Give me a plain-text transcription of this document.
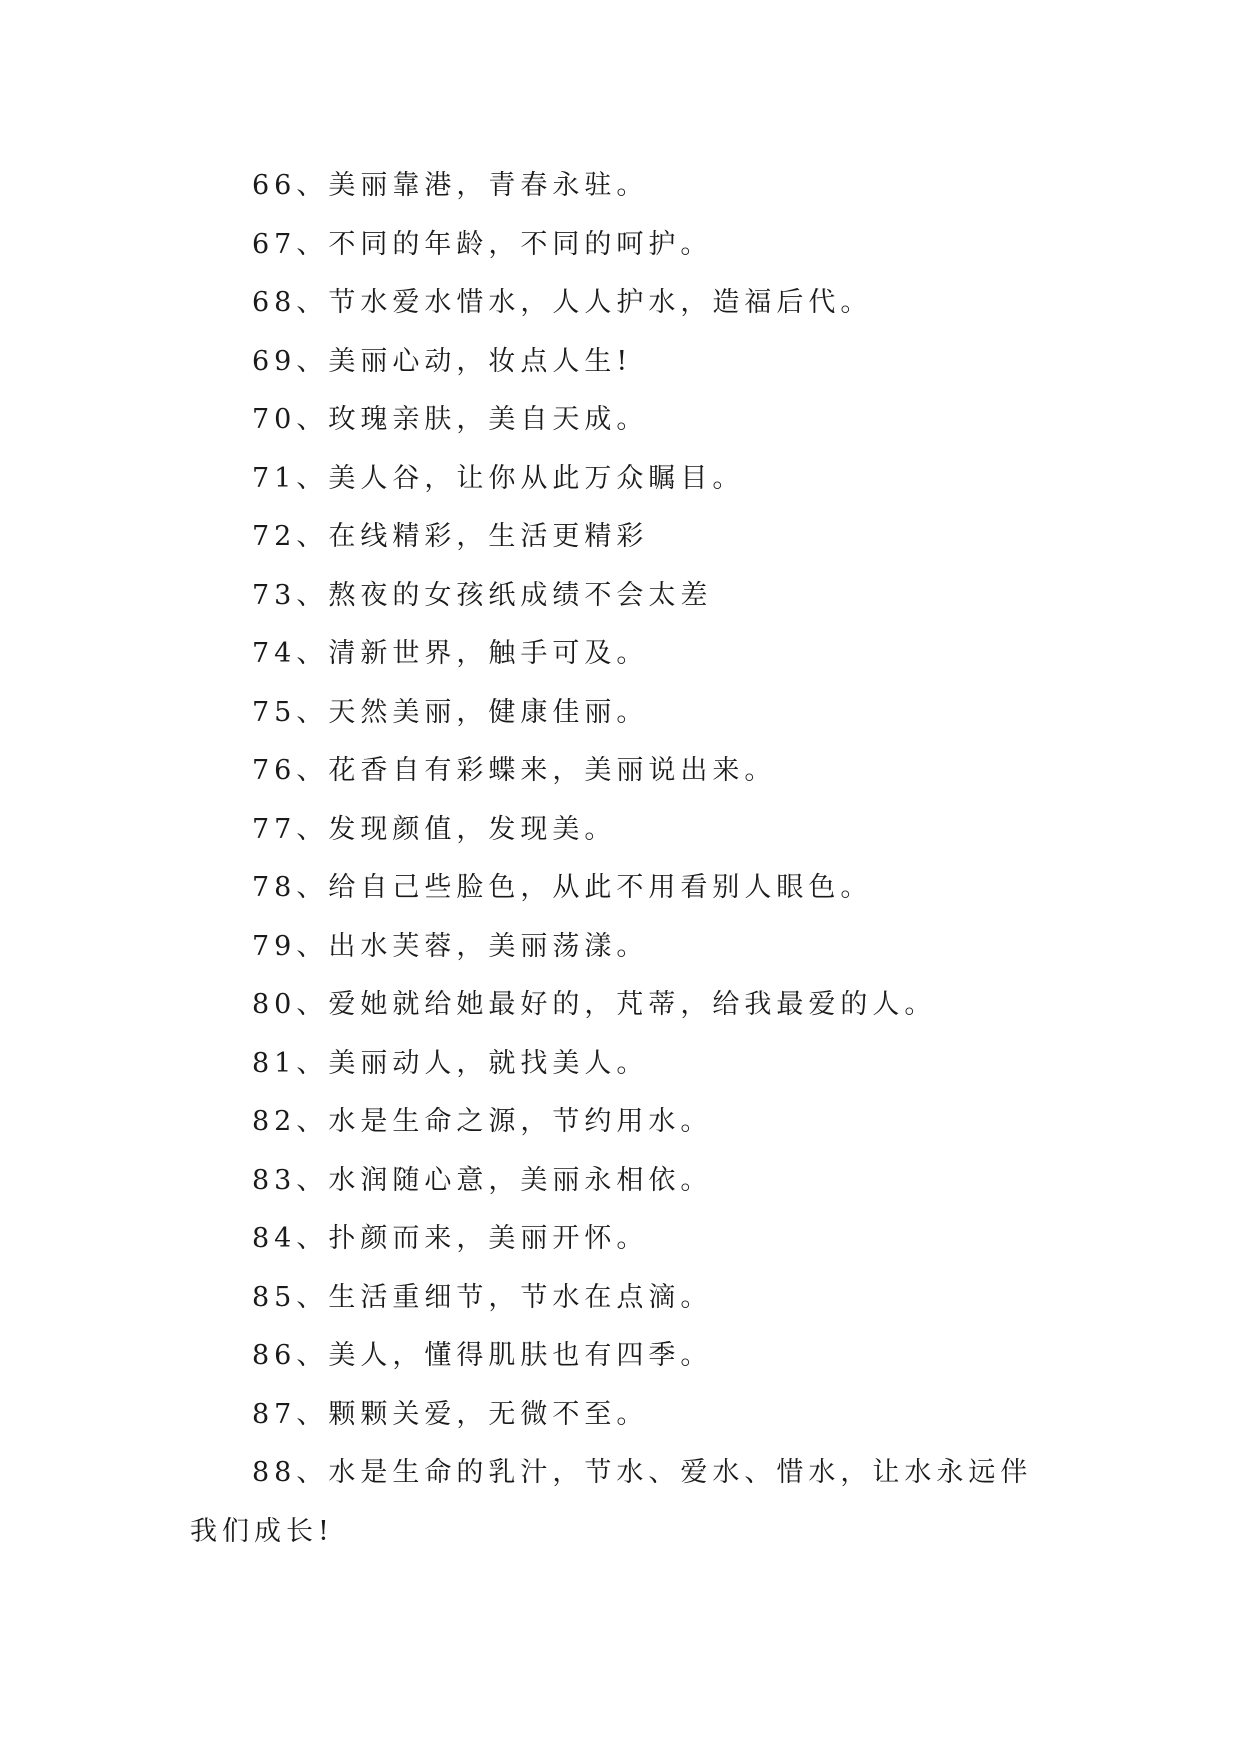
66、美丽靠港，青春永驻。
67、不同的年龄，不同的呵护。
68、节水爱水惜水，人人护水，造福后代。
69、美丽心动，妆点人生!
70、玫瑰亲肤，美自天成。
71、美人谷，让你从此万众瞩目。
72、在线精彩，生活更精彩
73、熬夜的女孩纸成绩不会太差
74、清新世界，触手可及。
75、天然美丽，健康佳丽。
76、花香自有彩蝶来，美丽说出来。
77、发现颜值，发现美。
78、给自己些脸色，从此不用看别人眼色。
79、出水芙蓉，美丽荡漾。
80、爱她就给她最好的，芃蒂，给我最爱的人。
81、美丽动人，就找美人。
82、水是生命之源，节约用水。
83、水润随心意，美丽永相依。
84、扑颜而来，美丽开怀。
85、生活重细节，节水在点滴。
86、美人，懂得肌肤也有四季。
87、颗颗关爱，无微不至。

88、水是生命的乳汁，节水、爱水、惜水，让水永远伴我们成长!
